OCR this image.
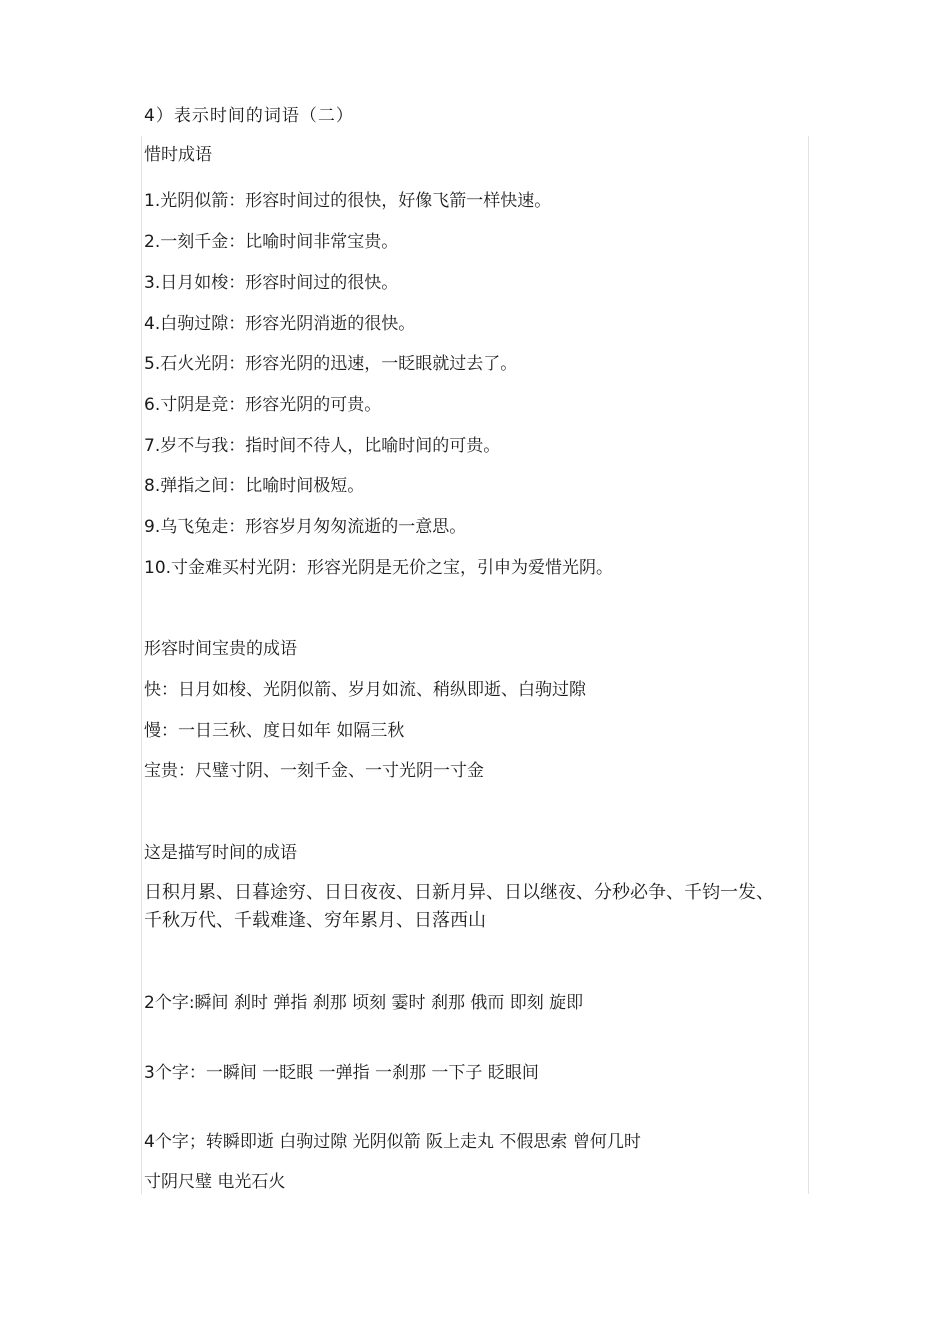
4）表示时间的词语（二）
惜时成语
1.光阴似箭：形容时间过的很快，好像飞箭一样快速。
2.一刻千金：比喻时间非常宝贵。
3.日月如梭：形容时间过的很快。
4.白驹过隙：形容光阴消逝的很快。
5.石火光阴：形容光阴的迅速，一眨眼就过去了。
6.寸阴是竞：形容光阴的可贵。
7.岁不与我：指时间不待人，比喻时间的可贵。
8.弹指之间：比喻时间极短。
9.乌飞兔走：形容岁月匆匆流逝的一意思。
10.寸金难买村光阴：形容光阴是无价之宝，引申为爱惜光阴。
形容时间宝贵的成语
快：日月如梭、光阴似箭、岁月如流、稍纵即逝、白驹过隙
慢：一日三秋、度日如年 如隔三秋
宝贵：尺璧寸阴、一刻千金、一寸光阴一寸金
这是描写时间的成语
日积月累、日暮途穷、日日夜夜、日新月异、日以继夜、分秒必争、千钧一发、
千秋万代、千载难逢、穷年累月、日落西山
2个字:瞬间 刹时 弹指 刹那 顷刻 霎时 刹那 俄而 即刻 旋即
3个字：一瞬间 一眨眼 一弹指 一刹那 一下子 眨眼间
4个字；转瞬即逝 白驹过隙 光阴似箭 阪上走丸 不假思索 曾何几时
寸阴尺璧 电光石火
